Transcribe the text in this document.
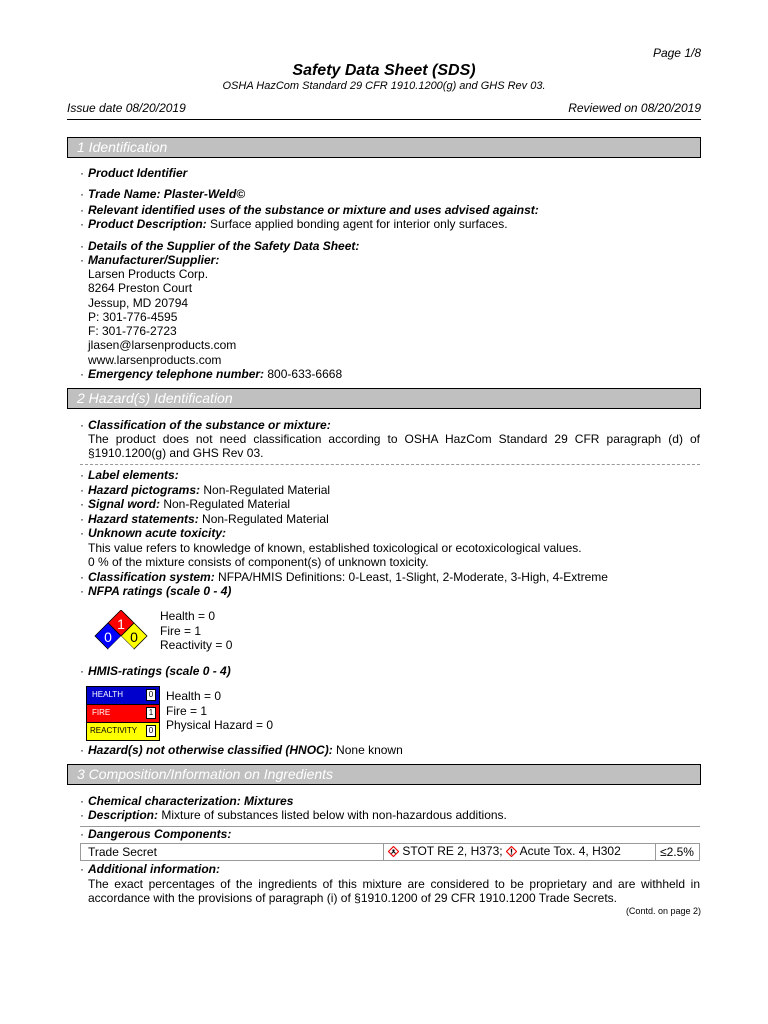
Page 1/8
Safety Data Sheet (SDS)
OSHA HazCom Standard 29 CFR 1910.1200(g) and GHS Rev 03.
Issue date 08/20/2019	Reviewed on 08/20/2019
1 Identification
· Product Identifier
· Trade Name: Plaster-Weld©
· Relevant identified uses of the substance or mixture and uses advised against:
· Product Description: Surface applied bonding agent for interior only surfaces.
· Details of the Supplier of the Safety Data Sheet:
· Manufacturer/Supplier:
Larsen Products Corp.
8264 Preston Court
Jessup, MD 20794
P: 301-776-4595
F: 301-776-2723
jlasen@larsenproducts.com
www.larsenproducts.com
· Emergency telephone number: 800-633-6668
2 Hazard(s) Identification
· Classification of the substance or mixture:
The product does not need classification according to OSHA HazCom Standard 29 CFR paragraph (d) of §1910.1200(g) and GHS Rev 03.
· Label elements:
· Hazard pictograms: Non-Regulated Material
· Signal word: Non-Regulated Material
· Hazard statements: Non-Regulated Material
· Unknown acute toxicity:
This value refers to knowledge of known, established toxicological or ecotoxicological values.
0 % of the mixture consists of component(s) of unknown toxicity.
· Classification system: NFPA/HMIS Definitions: 0-Least, 1-Slight, 2-Moderate, 3-High, 4-Extreme
· NFPA ratings (scale 0 - 4)
1
0 0
Health = 0
Fire = 1
Reactivity = 0
· HMIS-ratings (scale 0 - 4)
HEALTH	0
FIRE	1
REACTIVITY	0
Health = 0
Fire = 1
Physical Hazard = 0
· Hazard(s) not otherwise classified (HNOC): None known
3 Composition/Information on Ingredients
· Chemical characterization: Mixtures
· Description: Mixture of substances listed below with non-hazardous additions.
· Dangerous Components:
Trade Secret	STOT RE 2, H373;  Acute Tox. 4, H302	≤2.5%
· Additional information:
The exact percentages of the ingredients of this mixture are considered to be proprietary and are withheld in accordance with the provisions of paragraph (i) of §1910.1200 of 29 CFR 1910.1200 Trade Secrets.
(Contd. on page 2)
